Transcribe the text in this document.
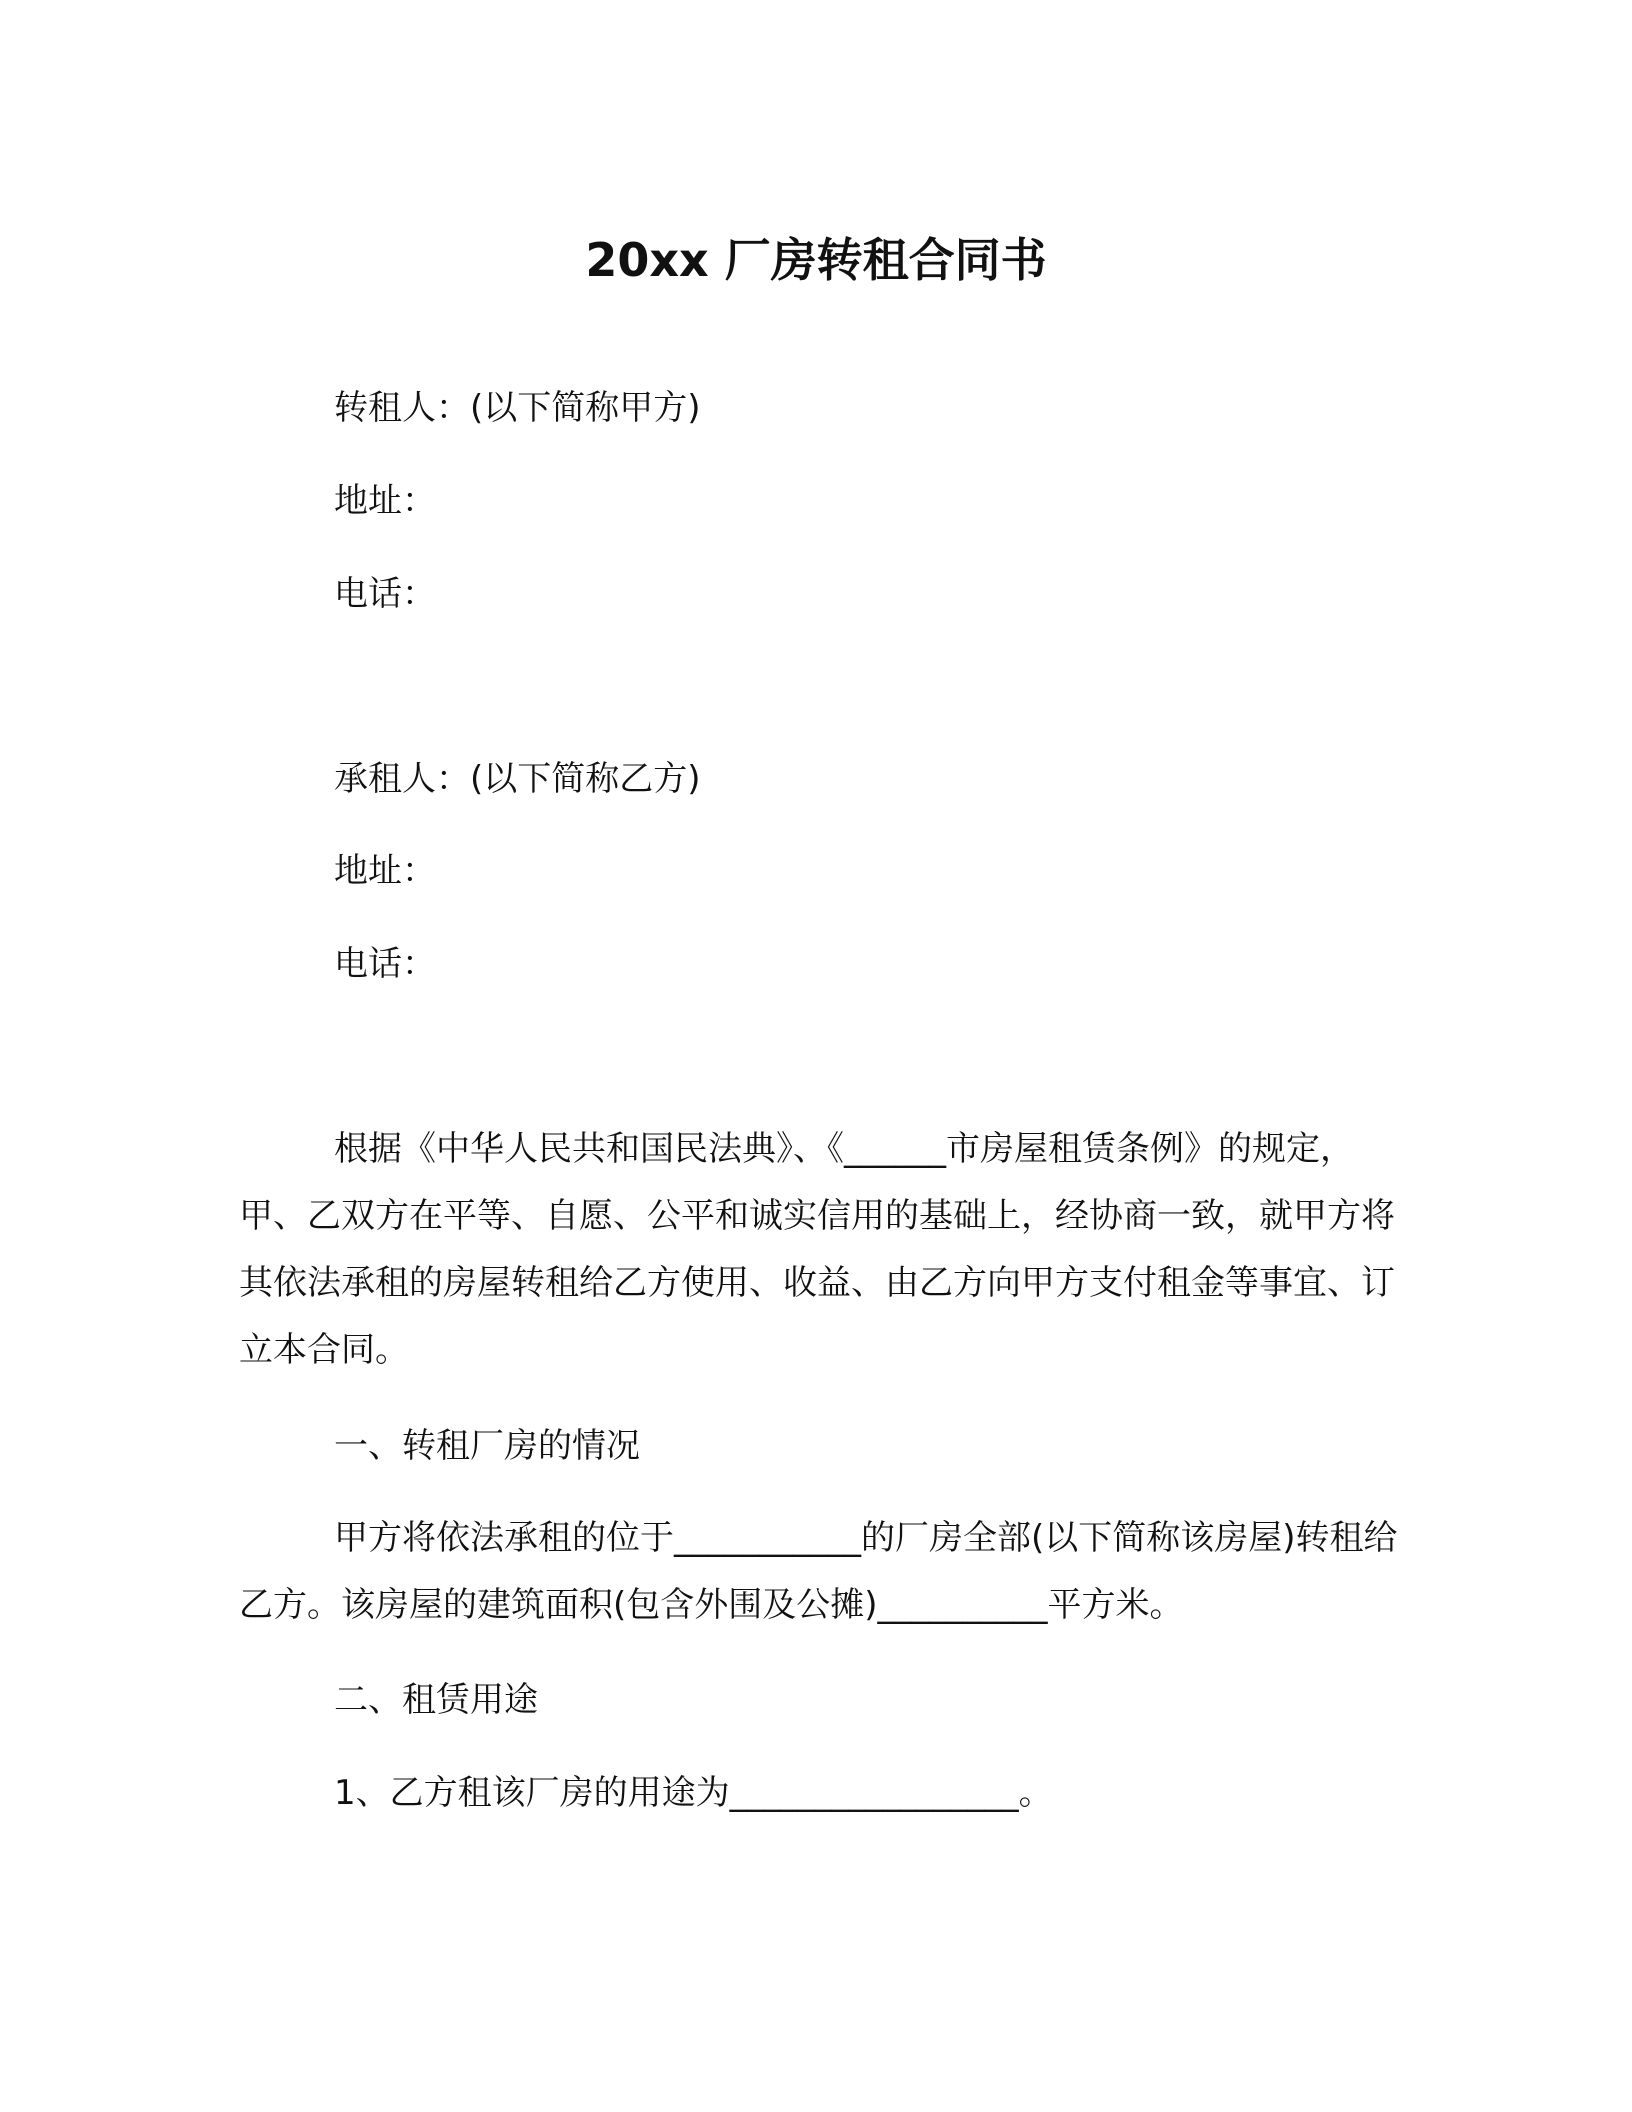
20xx 厂房转租合同书
转租人：(以下简称甲方)
地址：
电话：
承租人：(以下简称乙方)
地址：
电话：

根据《中华人民共和国民法典》、《______市房屋租赁条例》的规定，甲、乙双方在平等、自愿、公平和诚实信用的基础上，经协商一致，就甲方将其依法承租的房屋转租给乙方使用、收益、由乙方向甲方支付租金等事宜、订立本合同。

一、转租厂房的情况

甲方将依法承租的位于___________的厂房全部(以下简称该房屋)转租给乙方。该房屋的建筑面积(包含外围及公摊)__________平方米。

二、租赁用途
1、乙方租该厂房的用途为_________________。
